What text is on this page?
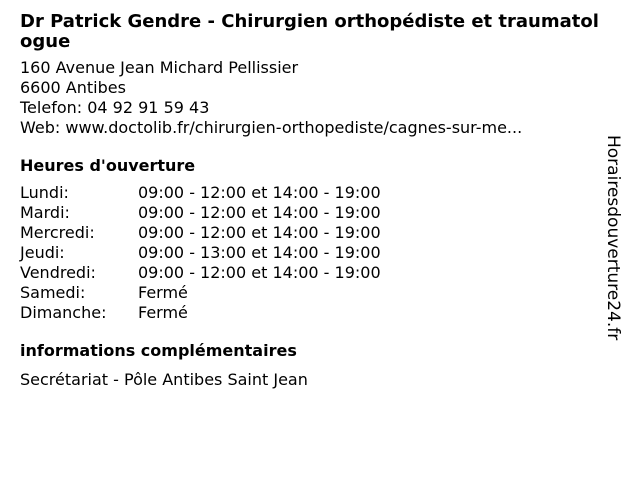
Dr Patrick Gendre - Chirurgien orthopédiste et traumatologue
160 Avenue Jean Michard Pellissier
6600 Antibes
Telefon: 04 92 91 59 43
Web: www.doctolib.fr/chirurgien-orthopediste/cagnes-sur-me...
Heures d'ouverture
Lundi:	09:00 - 12:00 et 14:00 - 19:00
Mardi:	09:00 - 12:00 et 14:00 - 19:00
Mercredi:	09:00 - 12:00 et 14:00 - 19:00
Jeudi:	09:00 - 13:00 et 14:00 - 19:00
Vendredi:	09:00 - 12:00 et 14:00 - 19:00
Samedi:	Fermé
Dimanche:	Fermé
informations complémentaires
Secrétariat - Pôle Antibes Saint Jean
Horairesdouverture24.fr
